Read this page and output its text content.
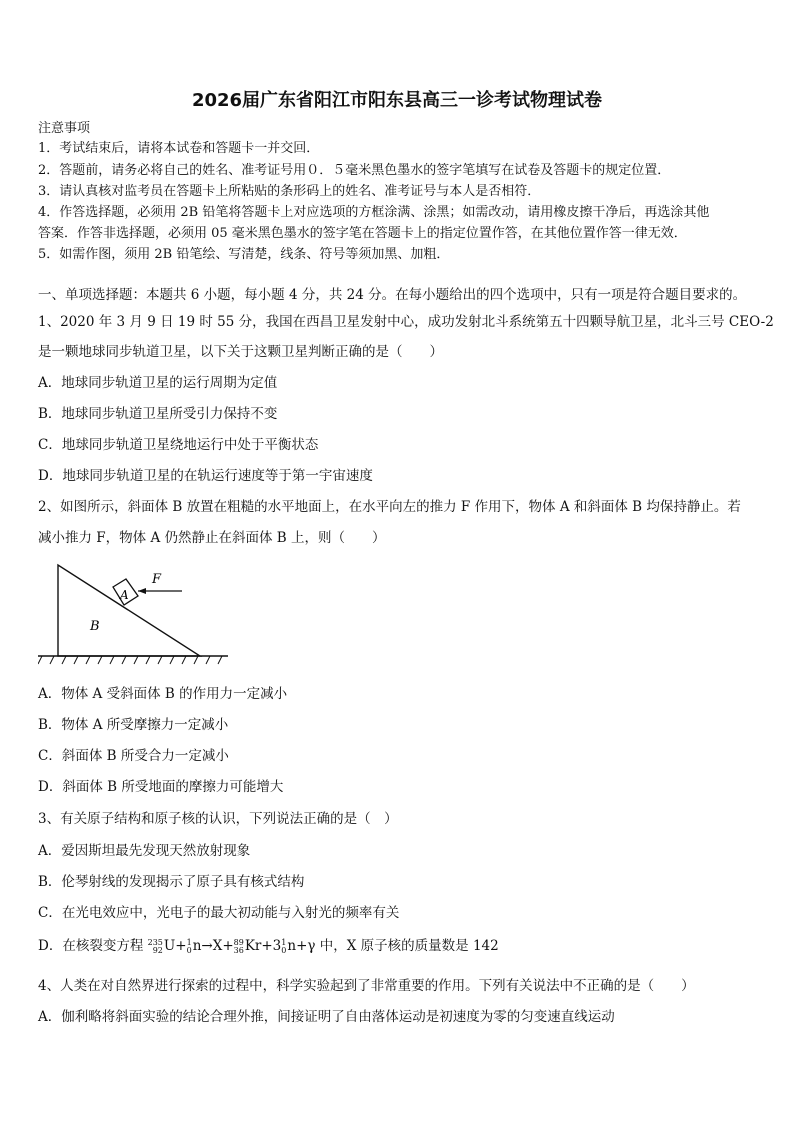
2026届广东省阳江市阳东县高三一诊考试物理试卷
注意事项
1．考试结束后，请将本试卷和答题卡一并交回．
2．答题前，请务必将自己的姓名、准考证号用０．５毫米黑色墨水的签字笔填写在试卷及答题卡的规定位置．
3．请认真核对监考员在答题卡上所粘贴的条形码上的姓名、准考证号与本人是否相符．
4．作答选择题，必须用 2B 铅笔将答题卡上对应选项的方框涂满、涂黑；如需改动，请用橡皮擦干净后，再选涂其他
答案．作答非选择题，必须用 05 毫米黑色墨水的签字笔在答题卡上的指定位置作答，在其他位置作答一律无效．
5．如需作图，须用 2B 铅笔绘、写清楚，线条、符号等须加黑、加粗．
一、单项选择题：本题共 6 小题，每小题 4 分，共 24 分。在每小题给出的四个选项中，只有一项是符合题目要求的。
1、2020 年 3 月 9 日 19 时 55 分，我国在西昌卫星发射中心，成功发射北斗系统第五十四颗导航卫星，北斗三号 CEO-2
是一颗地球同步轨道卫星，以下关于这颗卫星判断正确的是（　　）
A．地球同步轨道卫星的运行周期为定值
B．地球同步轨道卫星所受引力保持不变
C．地球同步轨道卫星绕地运行中处于平衡状态
D．地球同步轨道卫星的在轨运行速度等于第一宇宙速度
2、如图所示，斜面体 B 放置在粗糙的水平地面上，在水平向左的推力 F 作用下，物体 A 和斜面体 B 均保持静止。若
减小推力 F，物体 A 仍然静止在斜面体 B 上，则（　　）
A
B
F
A．物体 A 受斜面体 B 的作用力一定减小
B．物体 A 所受摩擦力一定减小
C．斜面体 B 所受合力一定减小
D．斜面体 B 所受地面的摩擦力可能增大
3、有关原子结构和原子核的认识，下列说法正确的是（　）
A．爱因斯坦最先发现天然放射现象
B．伦琴射线的发现揭示了原子具有核式结构
C．在光电效应中，光电子的最大初动能与入射光的频率有关
D．在核裂变方程 235
92U+1
0n→X+89
36Kr+31
0n+γ 中，X 原子核的质量数是 142
4、人类在对自然界进行探索的过程中，科学实验起到了非常重要的作用。下列有关说法中不正确的是（　　）
A．伽利略将斜面实验的结论合理外推，间接证明了自由落体运动是初速度为零的匀变速直线运动
